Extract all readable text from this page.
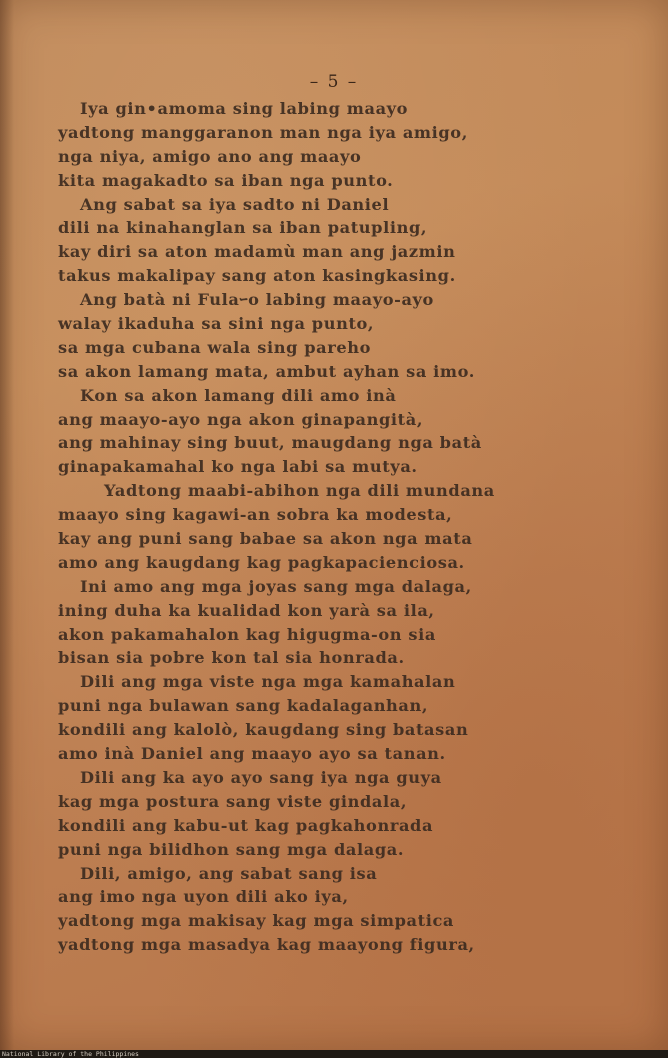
– 5 –
Iya gin•amoma sing labing maayo
yadtong manggaranon man nga iya amigo,
nga niya, amigo ano ang maayo
kita magakadto sa iban nga punto.
Ang sabat sa iya sadto ni Daniel
dili na kinahanglan sa iban patupling,
kay diri sa aton madamù man ang jazmin
takus makalipay sang aton kasingkasing.
Ang batà ni Fulaｰo labing maayo-ayo
walay ikaduha sa sini nga punto,
sa mga cubana wala sing pareho
sa akon lamang mata, ambut ayhan sa imo.
Kon sa akon lamang dili amo inà
ang maayo-ayo nga akon ginapangità,
ang mahinay sing buut, maugdang nga batà
ginapakamahal ko nga labi sa mutya.
Yadtong maabi-abihon nga dili mundana
maayo sing kagawi-an sobra ka modesta,
kay ang puni sang babae sa akon nga mata
amo ang kaugdang kag pagkapacienciosa.
Ini amo ang mga joyas sang mga dalaga,
ining duha ka kualidad kon yarà sa ila,
akon pakamahalon kag higugma-on sia
bisan sia pobre kon tal sia honrada.
Dili ang mga viste nga mga kamahalan
puni nga bulawan sang kadalaganhan,
kondili ang kalolò, kaugdang sing batasan
amo inà Daniel ang maayo ayo sa tanan.
Dili ang ka ayo ayo sang iya nga guya
kag mga postura sang viste gindala,
kondili ang kabu-ut kag pagkahonrada
puni nga bilidhon sang mga dalaga.
Dili, amigo, ang sabat sang isa
ang imo nga uyon dili ako iya,
yadtong mga makisay kag mga simpatica
yadtong mga masadya kag maayong figura,
National Library of the Philippines
